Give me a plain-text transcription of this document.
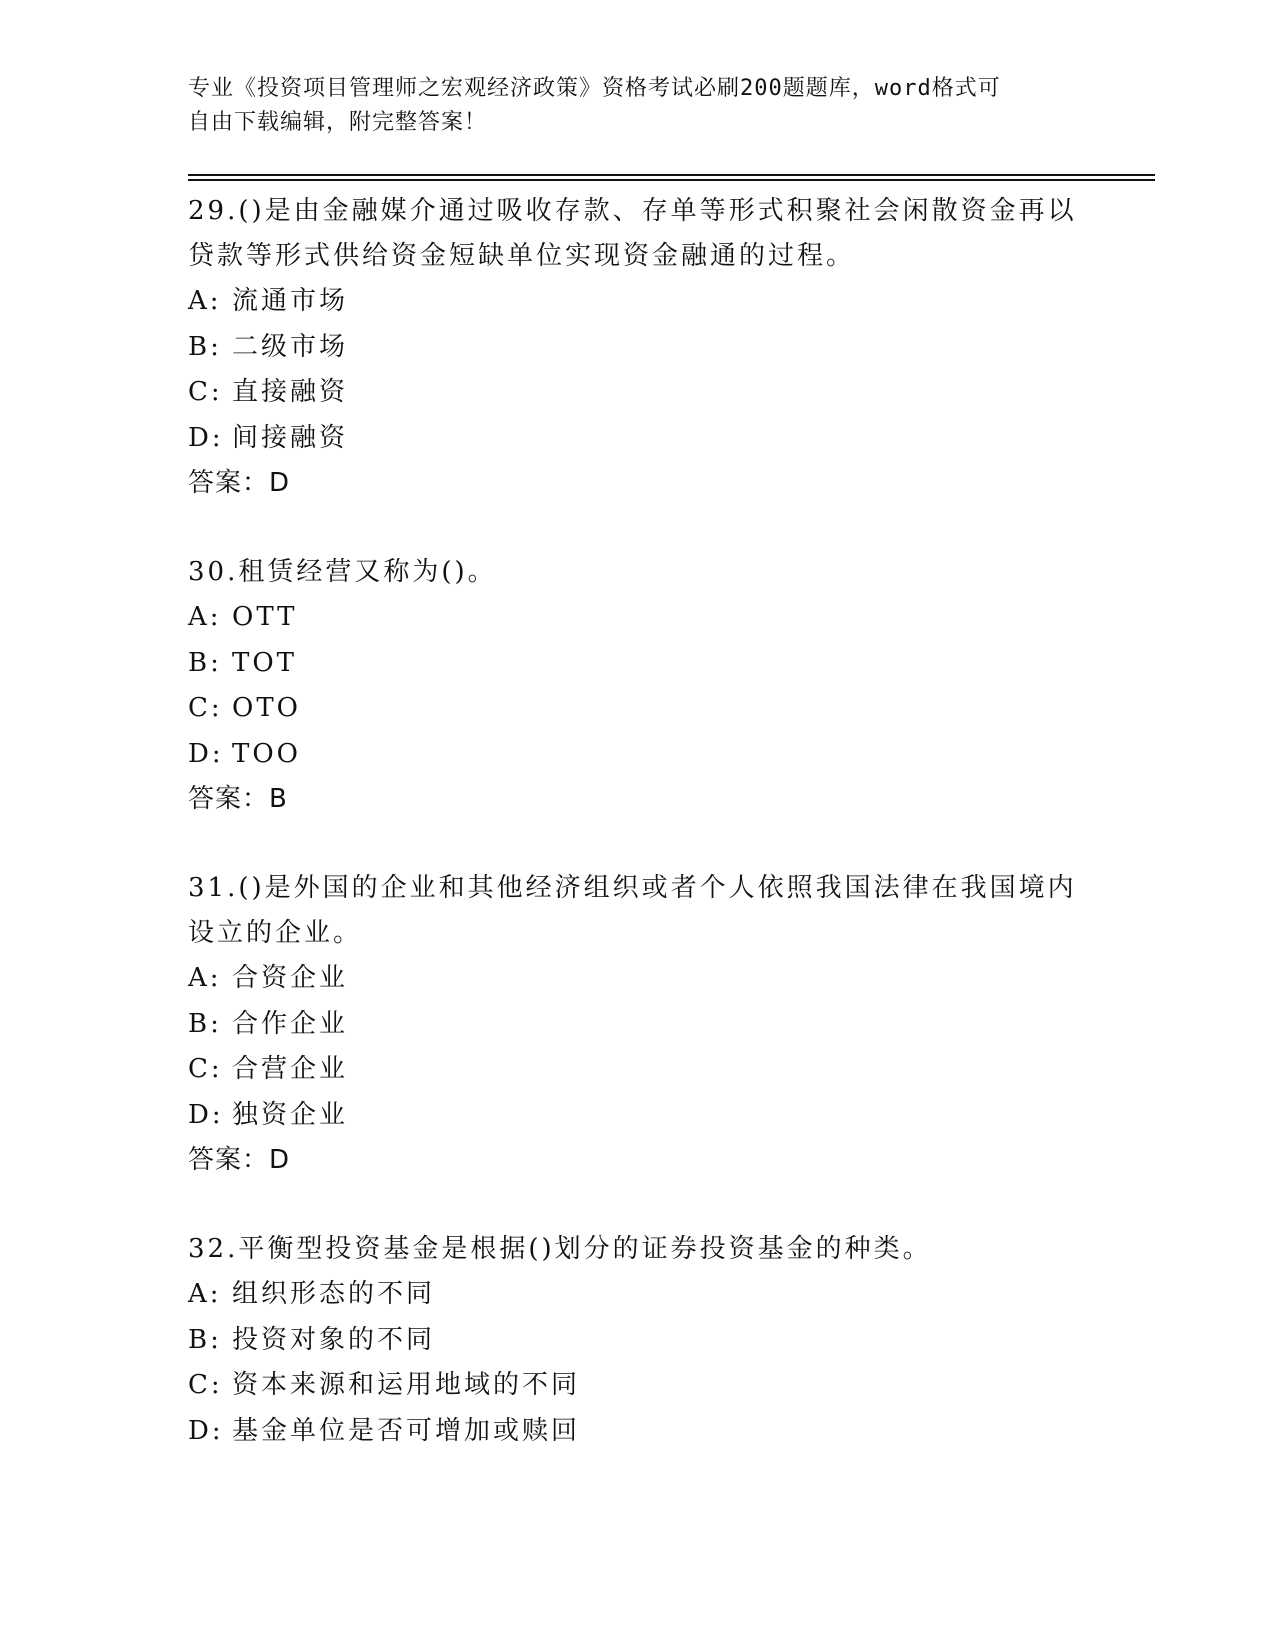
专业《投资项目管理师之宏观经济政策》资格考试必刷200题题库，word格式可
自由下载编辑，附完整答案！
29.()是由金融媒介通过吸收存款、存单等形式积聚社会闲散资金再以贷款等形式供给资金短缺单位实现资金融通的过程。
A: 流通市场
B: 二级市场
C: 直接融资
D: 间接融资
答案：D
30.租赁经营又称为()。
A: OTT
B: TOT
C: OTO
D: TOO
答案：B
31.()是外国的企业和其他经济组织或者个人依照我国法律在我国境内设立的企业。
A: 合资企业
B: 合作企业
C: 合营企业
D: 独资企业
答案：D
32.平衡型投资基金是根据()划分的证券投资基金的种类。
A: 组织形态的不同
B: 投资对象的不同
C: 资本来源和运用地域的不同
D: 基金单位是否可增加或赎回
